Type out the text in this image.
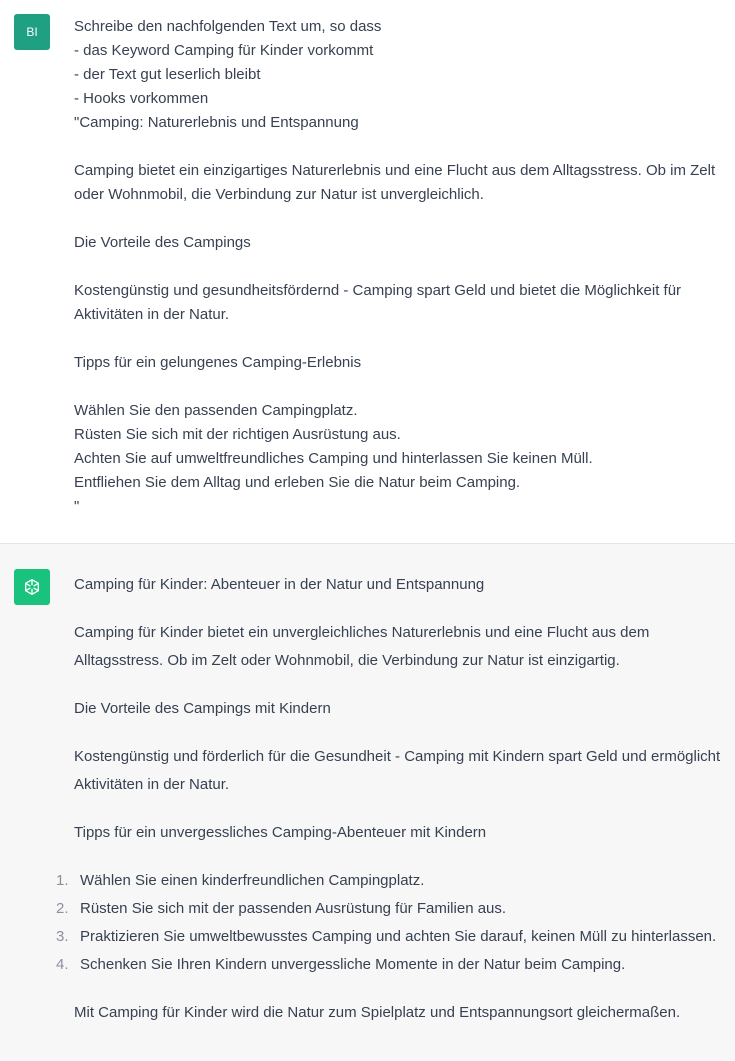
BI Schreibe den nachfolgenden Text um, so dass
- das Keyword Camping für Kinder vorkommt
- der Text gut leserlich bleibt
- Hooks vorkommen
"Camping: Naturerlebnis und Entspannung

Camping bietet ein einzigartiges Naturerlebnis und eine Flucht aus dem Alltagsstress. Ob im Zelt oder Wohnmobil, die Verbindung zur Natur ist unvergleichlich.

Die Vorteile des Campings

Kostengünstig und gesundheitsfördernd - Camping spart Geld und bietet die Möglichkeit für Aktivitäten in der Natur.

Tipps für ein gelungenes Camping-Erlebnis

Wählen Sie den passenden Campingplatz.
Rüsten Sie sich mit der richtigen Ausrüstung aus.
Achten Sie auf umweltfreundliches Camping und hinterlassen Sie keinen Müll.
Entfliehen Sie dem Alltag und erleben Sie die Natur beim Camping.
"

Camping für Kinder: Abenteuer in der Natur und Entspannung

Camping für Kinder bietet ein unvergleichliches Naturerlebnis und eine Flucht aus dem Alltagsstress. Ob im Zelt oder Wohnmobil, die Verbindung zur Natur ist einzigartig.

Die Vorteile des Campings mit Kindern

Kostengünstig und förderlich für die Gesundheit - Camping mit Kindern spart Geld und ermöglicht Aktivitäten in der Natur.

Tipps für ein unvergessliches Camping-Abenteuer mit Kindern

1. Wählen Sie einen kinderfreundlichen Campingplatz.
2. Rüsten Sie sich mit der passenden Ausrüstung für Familien aus.
3. Praktizieren Sie umweltbewusstes Camping und achten Sie darauf, keinen Müll zu hinterlassen.
4. Schenken Sie Ihren Kindern unvergessliche Momente in der Natur beim Camping.

Mit Camping für Kinder wird die Natur zum Spielplatz und Entspannungsort gleichermaßen.
